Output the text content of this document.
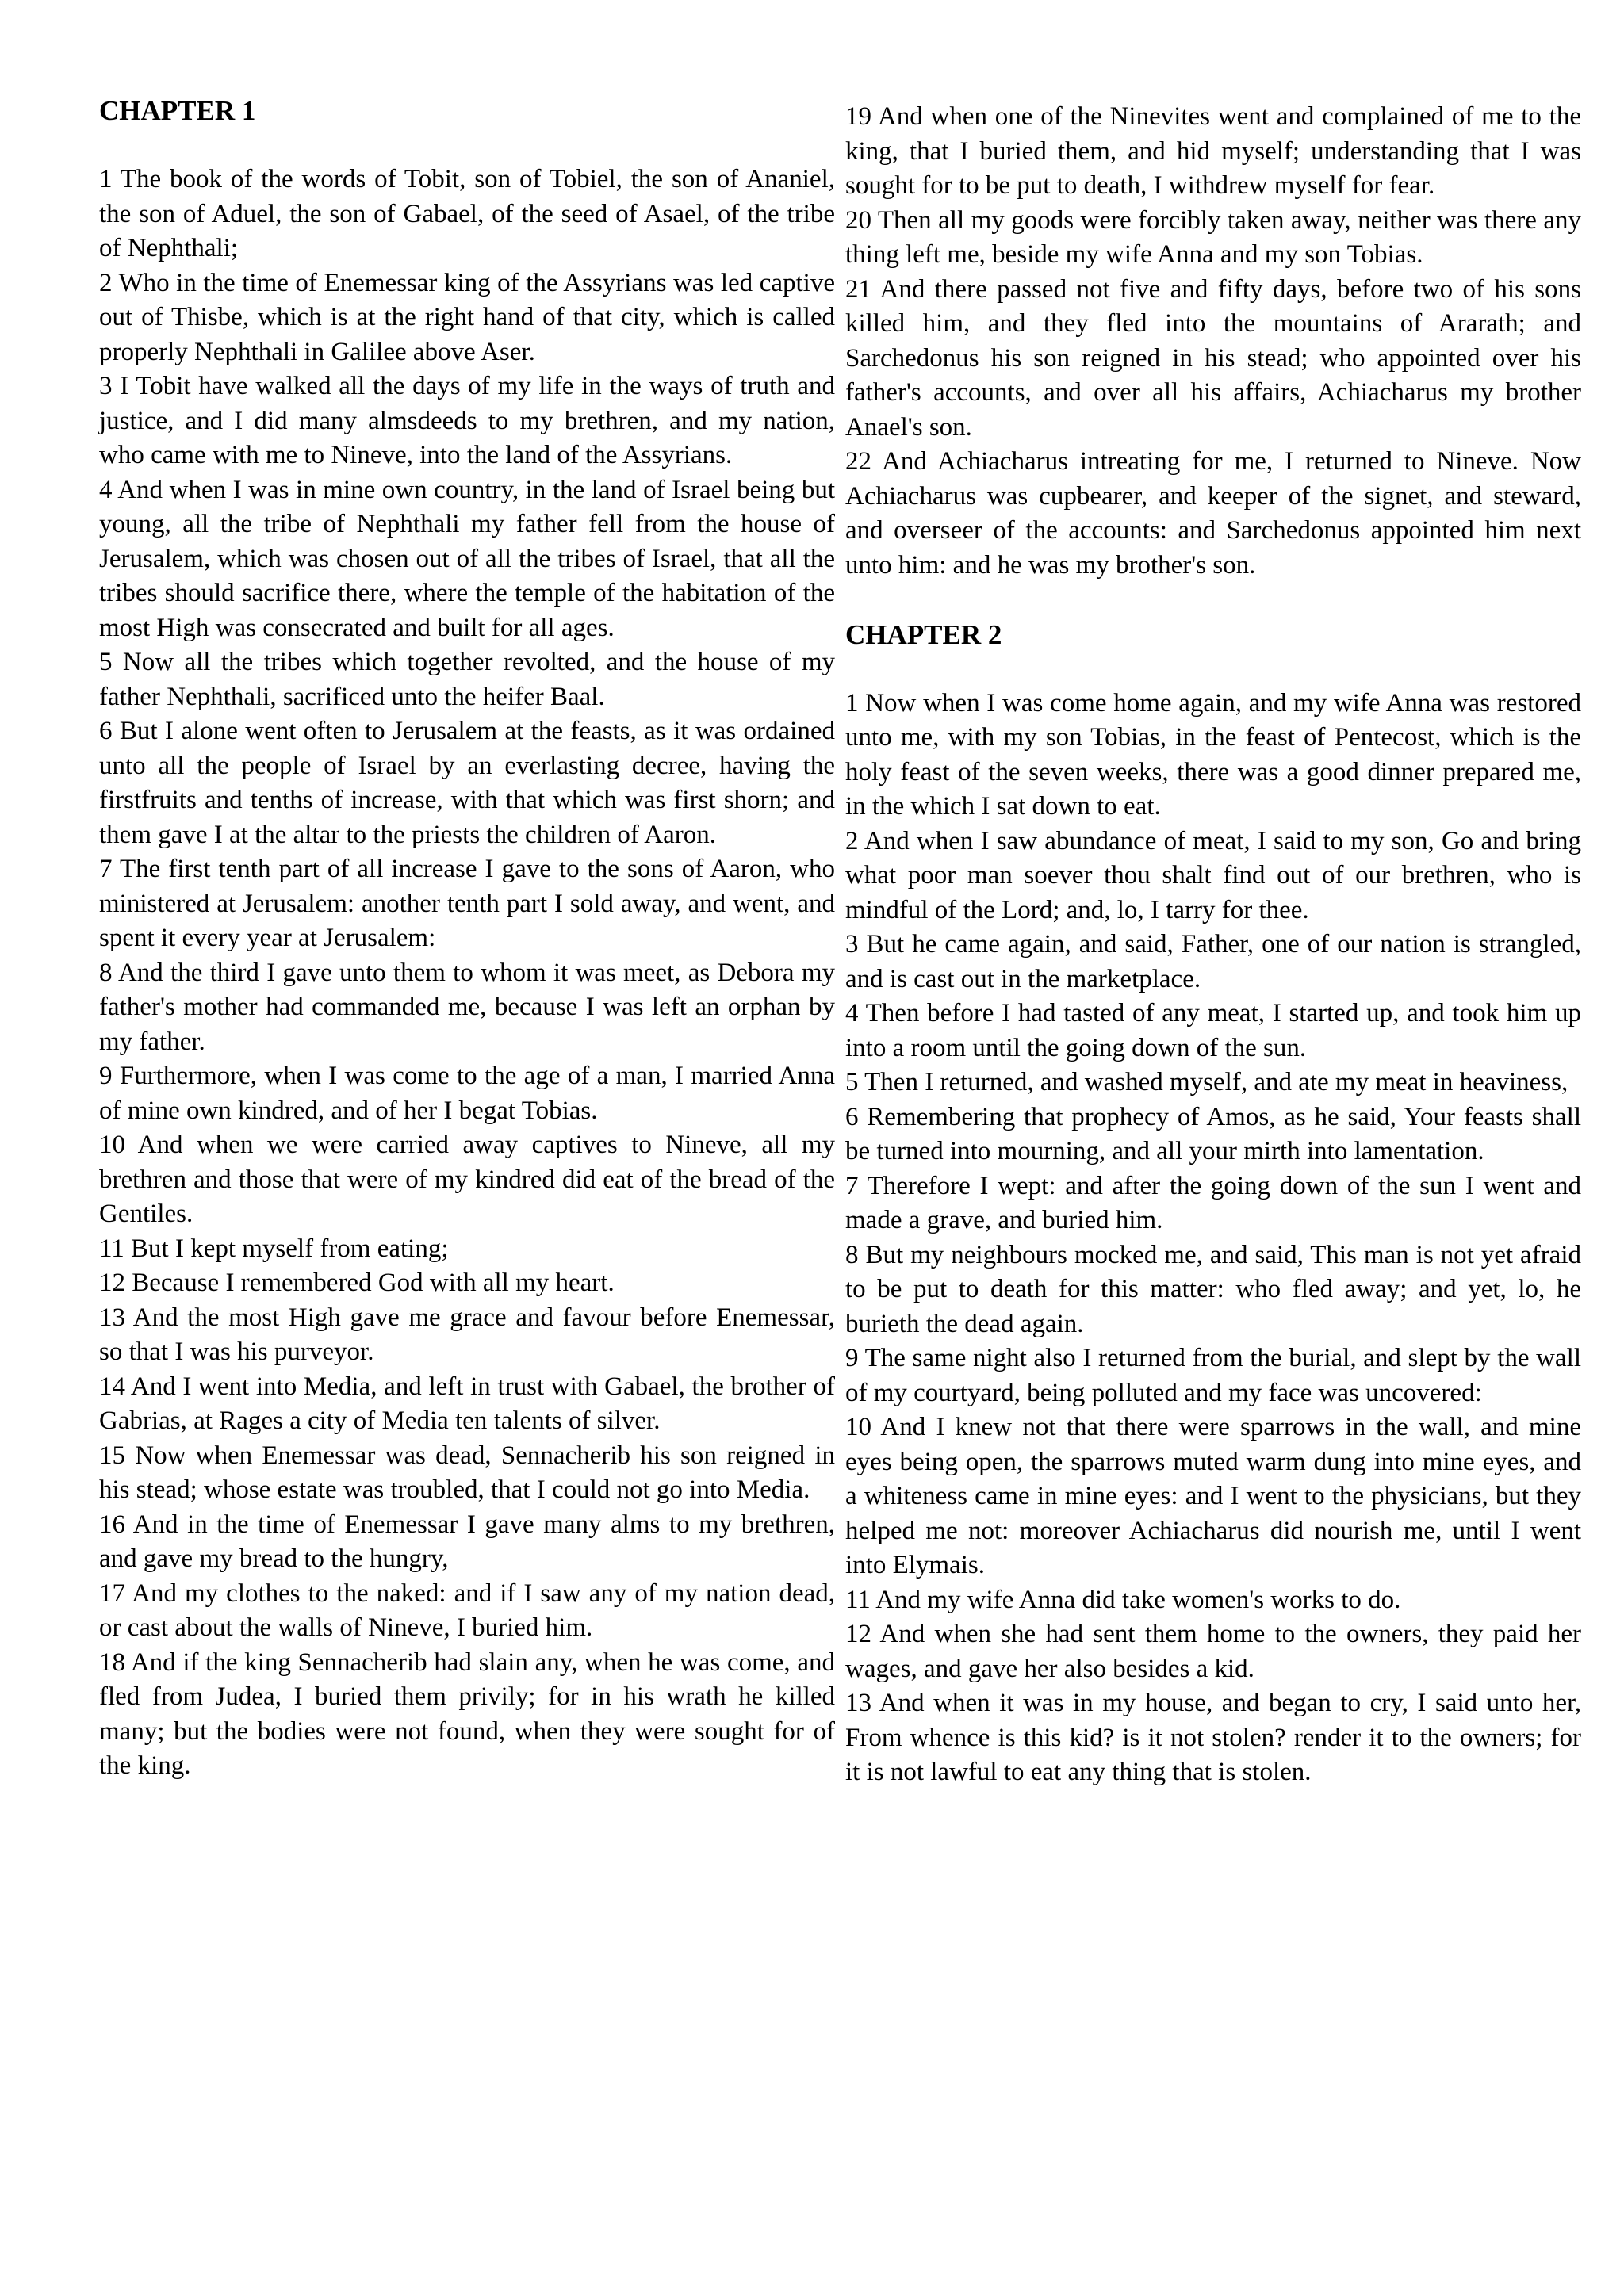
CHAPTER 1

1 The book of the words of Tobit, son of Tobiel, the son of Ananiel, the son of Aduel, the son of Gabael, of the seed of Asael, of the tribe of Nephthali;

2 Who in the time of Enemessar king of the Assyrians was led captive out of Thisbe, which is at the right hand of that city, which is called properly Nephthali in Galilee above Aser.

3 I Tobit have walked all the days of my life in the ways of truth and justice, and I did many almsdeeds to my brethren, and my nation, who came with me to Nineve, into the land of the Assyrians.

4 And when I was in mine own country, in the land of Israel being but young, all the tribe of Nephthali my father fell from the house of Jerusalem, which was chosen out of all the tribes of Israel, that all the tribes should sacrifice there, where the temple of the habitation of the most High was consecrated and built for all ages.

5 Now all the tribes which together revolted, and the house of my father Nephthali, sacrificed unto the heifer Baal.

6 But I alone went often to Jerusalem at the feasts, as it was ordained unto all the people of Israel by an everlasting decree, having the firstfruits and tenths of increase, with that which was first shorn; and them gave I at the altar to the priests the children of Aaron.

7 The first tenth part of all increase I gave to the sons of Aaron, who ministered at Jerusalem: another tenth part I sold away, and went, and spent it every year at Jerusalem:

8 And the third I gave unto them to whom it was meet, as Debora my father's mother had commanded me, because I was left an orphan by my father.

9 Furthermore, when I was come to the age of a man, I married Anna of mine own kindred, and of her I begat Tobias.

10 And when we were carried away captives to Nineve, all my brethren and those that were of my kindred did eat of the bread of the Gentiles.

11 But I kept myself from eating;

12 Because I remembered God with all my heart.

13 And the most High gave me grace and favour before Enemessar, so that I was his purveyor.

14 And I went into Media, and left in trust with Gabael, the brother of Gabrias, at Rages a city of Media ten talents of silver.

15 Now when Enemessar was dead, Sennacherib his son reigned in his stead; whose estate was troubled, that I could not go into Media.

16 And in the time of Enemessar I gave many alms to my brethren, and gave my bread to the hungry,

17 And my clothes to the naked: and if I saw any of my nation dead, or cast about the walls of Nineve, I buried him.

18 And if the king Sennacherib had slain any, when he was come, and fled from Judea, I buried them privily; for in his wrath he killed many; but the bodies were not found, when they were sought for of the king.

19 And when one of the Ninevites went and complained of me to the king, that I buried them, and hid myself; understanding that I was sought for to be put to death, I withdrew myself for fear.

20 Then all my goods were forcibly taken away, neither was there any thing left me, beside my wife Anna and my son Tobias.

21 And there passed not five and fifty days, before two of his sons killed him, and they fled into the mountains of Ararath; and Sarchedonus his son reigned in his stead; who appointed over his father's accounts, and over all his affairs, Achiacharus my brother Anael's son.

22 And Achiacharus intreating for me, I returned to Nineve. Now Achiacharus was cupbearer, and keeper of the signet, and steward, and overseer of the accounts: and Sarchedonus appointed him next unto him: and he was my brother's son.

CHAPTER 2

1 Now when I was come home again, and my wife Anna was restored unto me, with my son Tobias, in the feast of Pentecost, which is the holy feast of the seven weeks, there was a good dinner prepared me, in the which I sat down to eat.

2 And when I saw abundance of meat, I said to my son, Go and bring what poor man soever thou shalt find out of our brethren, who is mindful of the Lord; and, lo, I tarry for thee.

3 But he came again, and said, Father, one of our nation is strangled, and is cast out in the marketplace.

4 Then before I had tasted of any meat, I started up, and took him up into a room until the going down of the sun.

5 Then I returned, and washed myself, and ate my meat in heaviness,

6 Remembering that prophecy of Amos, as he said, Your feasts shall be turned into mourning, and all your mirth into lamentation.

7 Therefore I wept: and after the going down of the sun I went and made a grave, and buried him.

8 But my neighbours mocked me, and said, This man is not yet afraid to be put to death for this matter: who fled away; and yet, lo, he burieth the dead again.

9 The same night also I returned from the burial, and slept by the wall of my courtyard, being polluted and my face was uncovered:

10 And I knew not that there were sparrows in the wall, and mine eyes being open, the sparrows muted warm dung into mine eyes, and a whiteness came in mine eyes: and I went to the physicians, but they helped me not: moreover Achiacharus did nourish me, until I went into Elymais.

11 And my wife Anna did take women's works to do.

12 And when she had sent them home to the owners, they paid her wages, and gave her also besides a kid.

13 And when it was in my house, and began to cry, I said unto her, From whence is this kid? is it not stolen? render it to the owners; for it is not lawful to eat any thing that is stolen.
